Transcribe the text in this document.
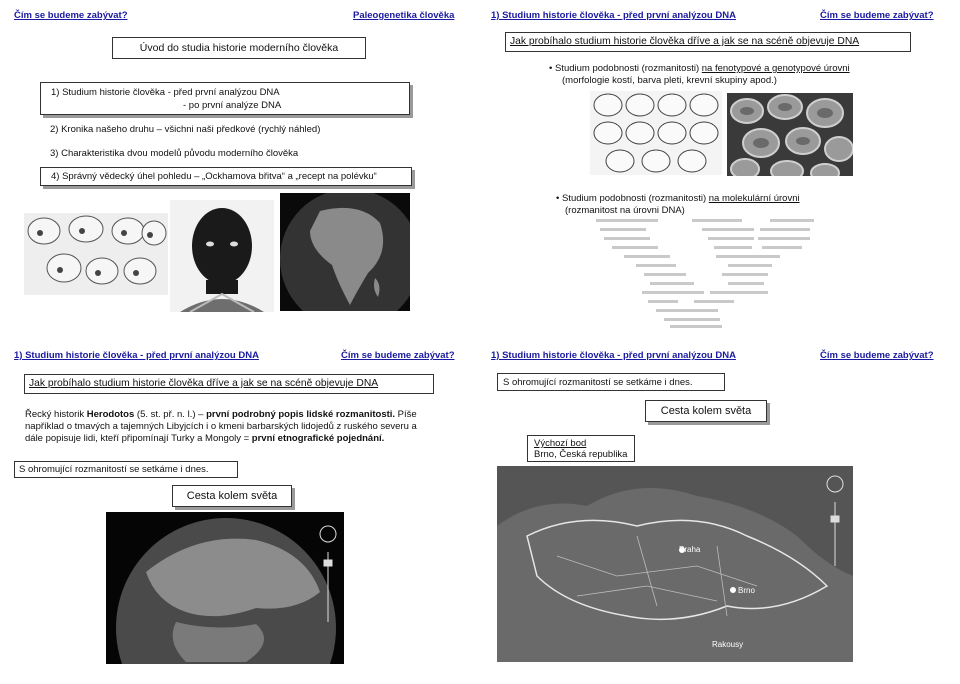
Čím se budeme zabývat?	Paleogenetika člověka
Úvod do studia historie moderního člověka
1) Studium historie člověka - před první analýzou DNA
- po první analýze DNA
2) Kronika našeho druhu – všichni naši předkové (rychlý náhled)
3) Charakteristika dvou modelů původu moderního člověka
4) Správný vědecký úhel pohledu – „Ockhamova břitva“ a „recept na polévku“
1) Studium historie člověka - před první analýzou DNA	Čím se budeme zabývat?
Jak probíhalo studium historie člověka dříve a jak se na scéně objevuje DNA
• Studium podobnosti (rozmanitosti) na fenotypové a genotypové úrovni
(morfologie kostí, barva pleti, krevní skupiny apod.)
• Studium podobnosti (rozmanitosti) na molekulární úrovni
(rozmanitost na úrovni DNA)
1) Studium historie člověka - před první analýzou DNA	Čím se budeme zabývat?
Jak probíhalo studium historie člověka dříve a jak se na scéně objevuje DNA
Řecký historik Herodotos (5. st. př. n. l.) – první podrobný popis lidské rozmanitosti. Píše
například o tmavých a tajemných Libyjcích i o kmeni barbarských lidojedů z ruského severu a
dále popisuje lidi, kteří připomínají Turky a Mongoly = první etnografické pojednání.
S ohromující rozmanitostí se setkáme i dnes.
Cesta kolem světa
1) Studium historie člověka - před první analýzou DNA	Čím se budeme zabývat?
S ohromující rozmanitostí se setkáme i dnes.
Cesta kolem světa
Výchozí bod
Brno, Česká republika
Praha
Brno
Rakousy
